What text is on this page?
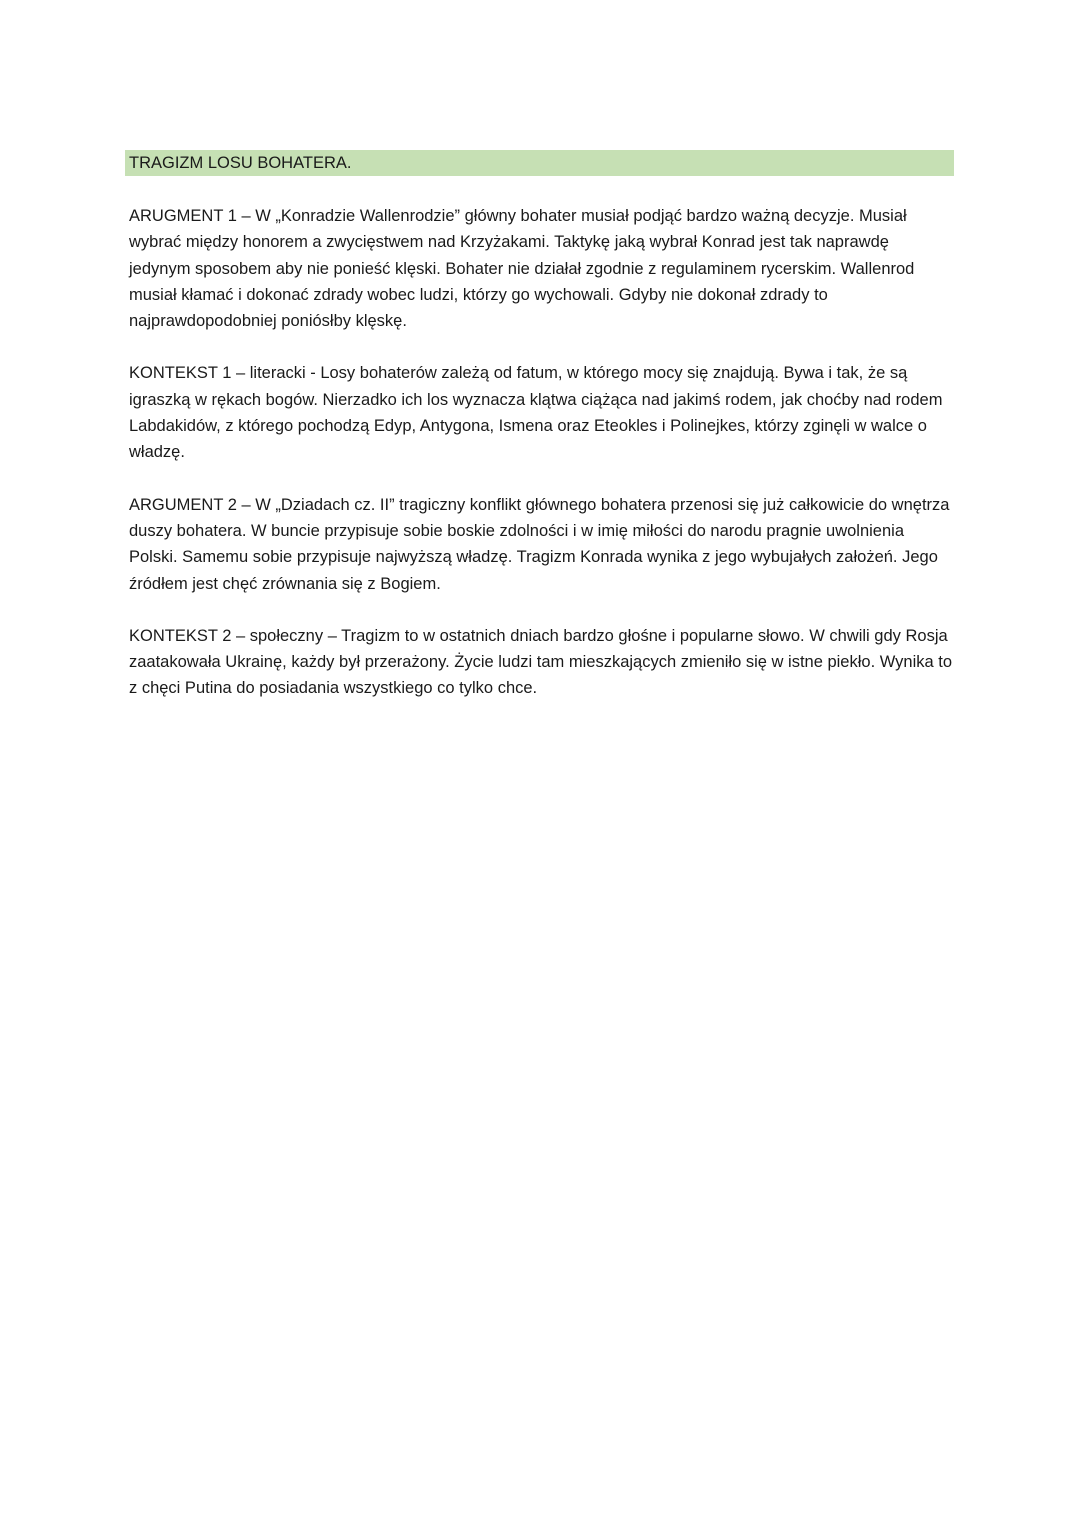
TRAGIZM LOSU BOHATERA.

ARUGMENT 1 – W „Konradzie Wallenrodzie” główny bohater musiał podjąć bardzo ważną decyzje. Musiał wybrać między honorem a zwycięstwem nad Krzyżakami. Taktykę jaką wybrał Konrad jest tak naprawdę jedynym sposobem aby nie ponieść klęski. Bohater nie działał zgodnie z regulaminem rycerskim. Wallenrod musiał kłamać i dokonać zdrady wobec ludzi, którzy go wychowali. Gdyby nie dokonał zdrady to najprawdopodobniej poniósłby klęskę.

KONTEKST 1 – literacki - Losy bohaterów zależą od fatum, w którego mocy się znajdują. Bywa i tak, że są igraszką w rękach bogów. Nierzadko ich los wyznacza klątwa ciążąca nad jakimś rodem, jak choćby nad rodem Labdakidów, z którego pochodzą Edyp, Antygona, Ismena oraz Eteokles i Polinejkes, którzy zginęli w walce o władzę.

ARGUMENT 2 – W „Dziadach cz. II” tragiczny konflikt głównego bohatera przenosi się już całkowicie do wnętrza duszy bohatera. W buncie przypisuje sobie boskie zdolności i w imię miłości do narodu pragnie uwolnienia Polski. Samemu sobie przypisuje najwyższą władzę. Tragizm Konrada wynika z jego wybujałych założeń. Jego źródłem jest chęć zrównania się z Bogiem.

KONTEKST 2 – społeczny – Tragizm to w ostatnich dniach bardzo głośne i popularne słowo. W chwili gdy Rosja zaatakowała Ukrainę, każdy był przerażony. Życie ludzi tam mieszkających zmieniło się w istne piekło. Wynika to z chęci Putina do posiadania wszystkiego co tylko chce.
